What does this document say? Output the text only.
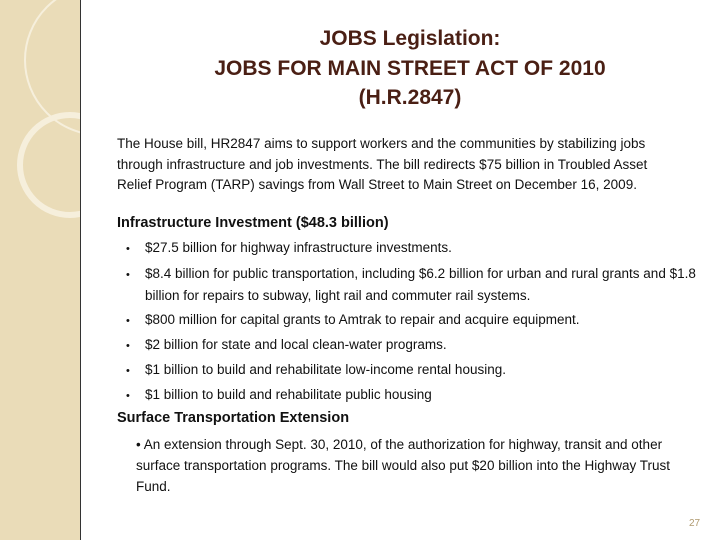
JOBS Legislation:
JOBS FOR MAIN STREET ACT OF 2010
(H.R.2847)
The House bill, HR2847 aims to support workers and the communities by stabilizing jobs through infrastructure and job investments. The bill redirects $75 billion in Troubled Asset Relief Program (TARP) savings from Wall Street to Main Street on December 16, 2009.
Infrastructure Investment ($48.3 billion)
• $27.5 billion for highway infrastructure investments.
• $8.4 billion for public transportation, including $6.2 billion for urban and rural grants and $1.8 billion for repairs to subway, light rail and commuter rail systems.
• $800 million for capital grants to Amtrak to repair and acquire equipment.
• $2 billion for state and local clean-water programs.
• $1 billion to build and rehabilitate low-income rental housing.
• $1 billion to build and rehabilitate public housing
Surface Transportation Extension
• An extension through Sept. 30, 2010, of the authorization for highway, transit and other surface transportation programs. The bill would also put $20 billion into the Highway Trust Fund.
27
